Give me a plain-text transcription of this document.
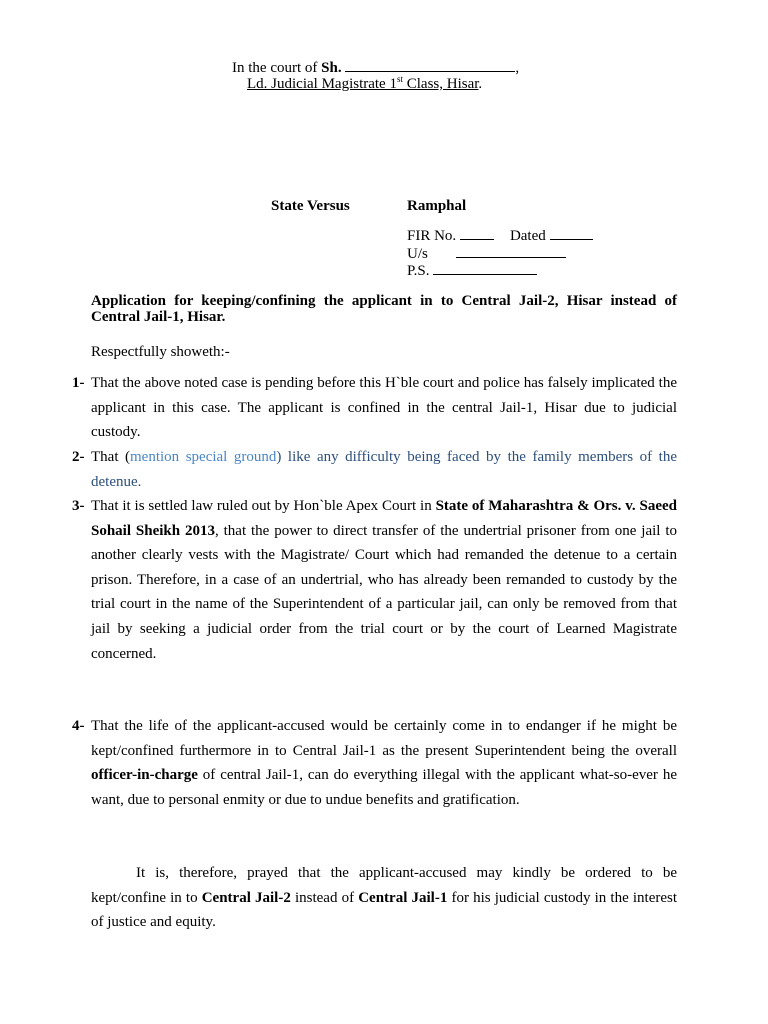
In the court of Sh.	,
Ld. Judicial Magistrate 1st Class, Hisar.
State Versus	Ramphal
FIR No.	Dated
U/s
P.S.
Application for keeping/confining the applicant in to Central Jail-2, Hisar instead of Central Jail-1, Hisar.
Respectfully showeth:-
1- That the above noted case is pending before this H`ble court and police has falsely implicated the applicant in this case. The applicant is confined in the central Jail-1, Hisar due to judicial custody.
2- That (mention special ground) like any difficulty being faced by the family members of the detenue.
3- That it is settled law ruled out by Hon`ble Apex Court in State of Maharashtra & Ors. v. Saeed Sohail Sheikh 2013, that the power to direct transfer of the undertrial prisoner from one jail to another clearly vests with the Magistrate/ Court which had remanded the detenue to a certain prison. Therefore, in a case of an undertrial, who has already been remanded to custody by the trial court in the name of the Superintendent of a particular jail, can only be removed from that jail by seeking a judicial order from the trial court or by the court of Learned Magistrate concerned.
4- That the life of the applicant-accused would be certainly come in to endanger if he might be kept/confined furthermore in to Central Jail-1 as the present Superintendent being the overall officer-in-charge of central Jail-1, can do everything illegal with the applicant what-so-ever he want, due to personal enmity or due to undue benefits and gratification.
It is, therefore, prayed that the applicant-accused may kindly be ordered to be kept/confine in to Central Jail-2 instead of Central Jail-1 for his judicial custody in the interest of justice and equity.
